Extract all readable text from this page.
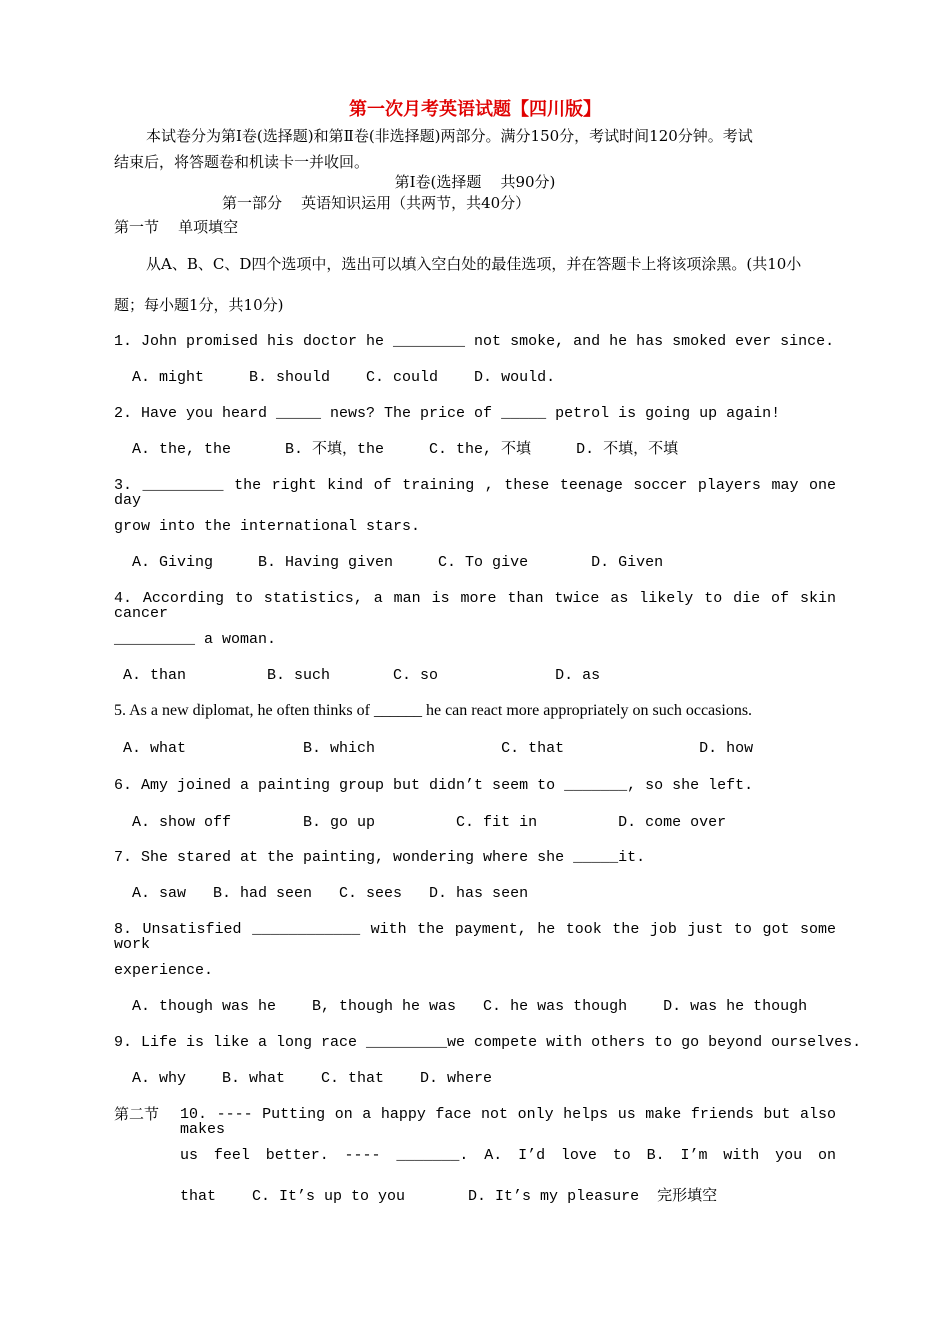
第一次月考英语试题【四川版】
本试卷分为第Ⅰ卷(选择题)和第Ⅱ卷(非选择题)两部分。满分150分，考试时间120分钟。考试
结束后，将答题卷和机读卡一并收回。
第Ⅰ卷(选择题    共90分)
第一部分    英语知识运用（共两节，共40分）
第一节    单项填空
从A、B、C、D四个选项中，选出可以填入空白处的最佳选项，并在答题卡上将该项涂黑。(共10小
题；每小题1分，共10分)
1. John promised his doctor he ________ not smoke, and he has smoked ever since.
A. might     B. should    C. could    D. would.
2. Have you heard _____ news? The price of _____ petrol is going up again!
A. the, the      B. 不填，the     C. the, 不填     D. 不填，不填
3. _________ the right kind of training , these teenage soccer players may one day
grow into the international stars.
A. Giving     B. Having given     C. To give       D. Given
4. According to statistics, a man is more than twice as likely to die of skin cancer
_________ a woman.
A. than         B. such       C. so             D. as
5. As a new diplomat, he often thinks of ______ he can react more appropriately on such occasions.
A. what             B. which              C. that               D. how
6. Amy joined a painting group but didn’t seem to _______, so she left.
A. show off        B. go up         C. fit in         D. come over
7. She stared at the painting, wondering where she _____it.
A. saw   B. had seen   C. sees   D. has seen
8. Unsatisfied ____________ with the payment, he took the job just to got some work
experience.
A. though was he    B, though he was   C. he was though    D. was he though
9. Life is like a long race _________we compete with others to go beyond ourselves.
A. why    B. what    C. that    D. where
第二节 10. ---- Putting on a happy face not only helps us make friends but also makes
us feel better. ---- _______. A. I’d love to B. I’m with you on
that    C. It’s up to you       D. It’s my pleasure  完形填空
